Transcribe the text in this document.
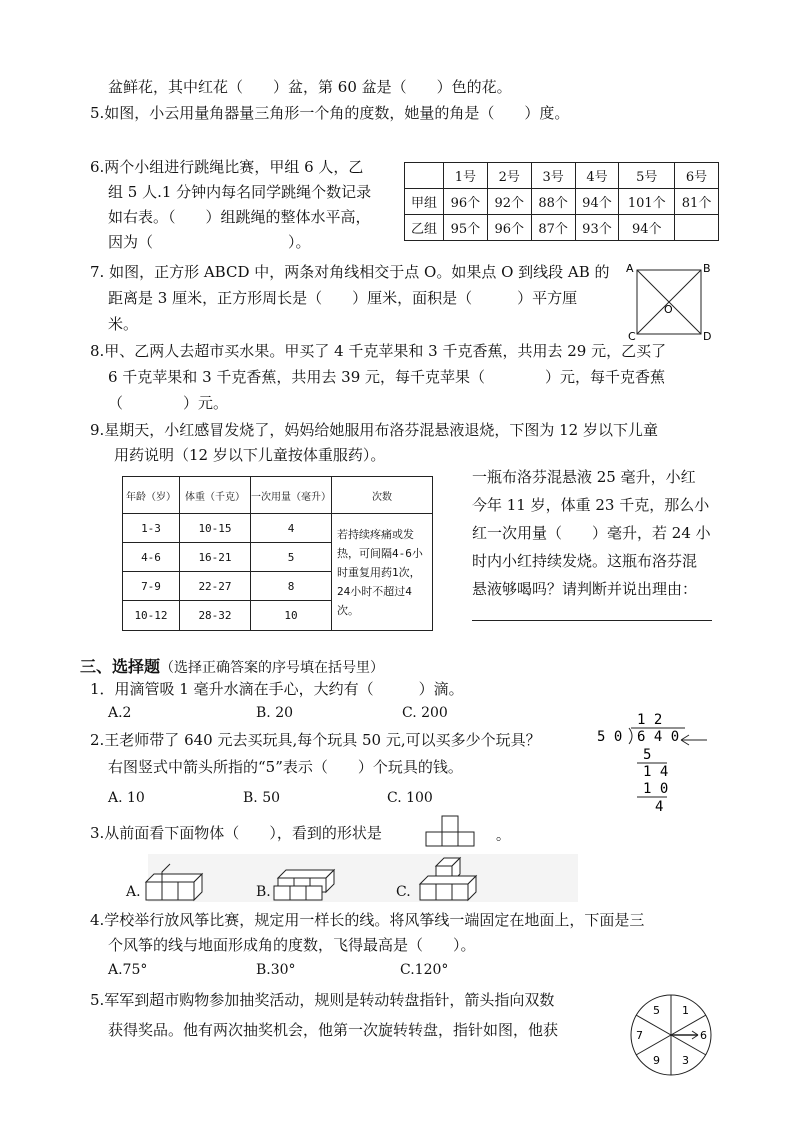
盆鲜花，其中红花（　　）盆，第 60 盆是（　　）色的花。
5.如图，小云用量角器量三角形一个角的度数，她量的角是（　　）度。
6.两个小组进行跳绳比赛，甲组 6 人，乙
组 5 人.1 分钟内每名同学跳绳个数记录
如右表。（　　）组跳绳的整体水平高，
因为（　　　　　　　　　）。
	1号	2号	3号	4号	5号	6号
甲组	96个	92个	88个	94个	101个	81个
乙组	95个	96个	87个	93个	94个	
7. 如图，正方形 ABCD 中，两条对角线相交于点 O。如果点 O 到线段 AB 的
距离是 3 厘米，正方形周长是（　　）厘米，面积是（　　　）平方厘
米。
A	B
C	D
O
8.甲、乙两人去超市买水果。甲买了 4 千克苹果和 3 千克香蕉，共用去 29 元，乙买了
6 千克苹果和 3 千克香蕉，共用去 39 元，每千克苹果（　　　　）元，每千克香蕉
（　　　　）元。
9.星期天，小红感冒发烧了，妈妈给她服用布洛芬混悬液退烧，下图为 12 岁以下儿童
用药说明（12 岁以下儿童按体重服药）。
年龄（岁）	体重（千克）	一次用量（毫升）	次数
1-3	10-15	4	若持续疼痛或发热，可间隔4-6小时重复用药1次，24小时不超过4次。
4-6	16-21	5	
7-9	22-27	8	
10-12	28-32	10	
一瓶布洛芬混悬液 25 毫升，小红
今年 11 岁，体重 23 千克，那么小
红一次用量（　　）毫升，若 24 小
时内小红持续发烧。这瓶布洛芬混
悬液够喝吗？请判断并说出理由：
三、选择题（选择正确答案的序号填在括号里）
1．用滴管吸 1 毫升水滴在手心，大约有（　　　）滴。
A.2	B. 20	C. 200
2.王老师带了 640 元去买玩具,每个玩具 50 元,可以买多少个玩具？
右图竖式中箭头所指的“5”表示（　　）个玩具的钱。
A. 10	B. 50	C. 100
1 2
5 0 6 4 0
5
1 4
1 0
4
3.从前面看下面物体（　　），看到的形状是	。
A.	B.	C.
4.学校举行放风筝比赛，规定用一样长的线。将风筝线一端固定在地面上，下面是三
个风筝的线与地面形成角的度数，飞得最高是（　　）。
A.75°	B.30°	C.120°
5.军军到超市购物参加抽奖活动，规则是转动转盘指针，箭头指向双数
获得奖品。他有两次抽奖机会，他第一次旋转转盘，指针如图，他获
5 1
6
3
9
7
